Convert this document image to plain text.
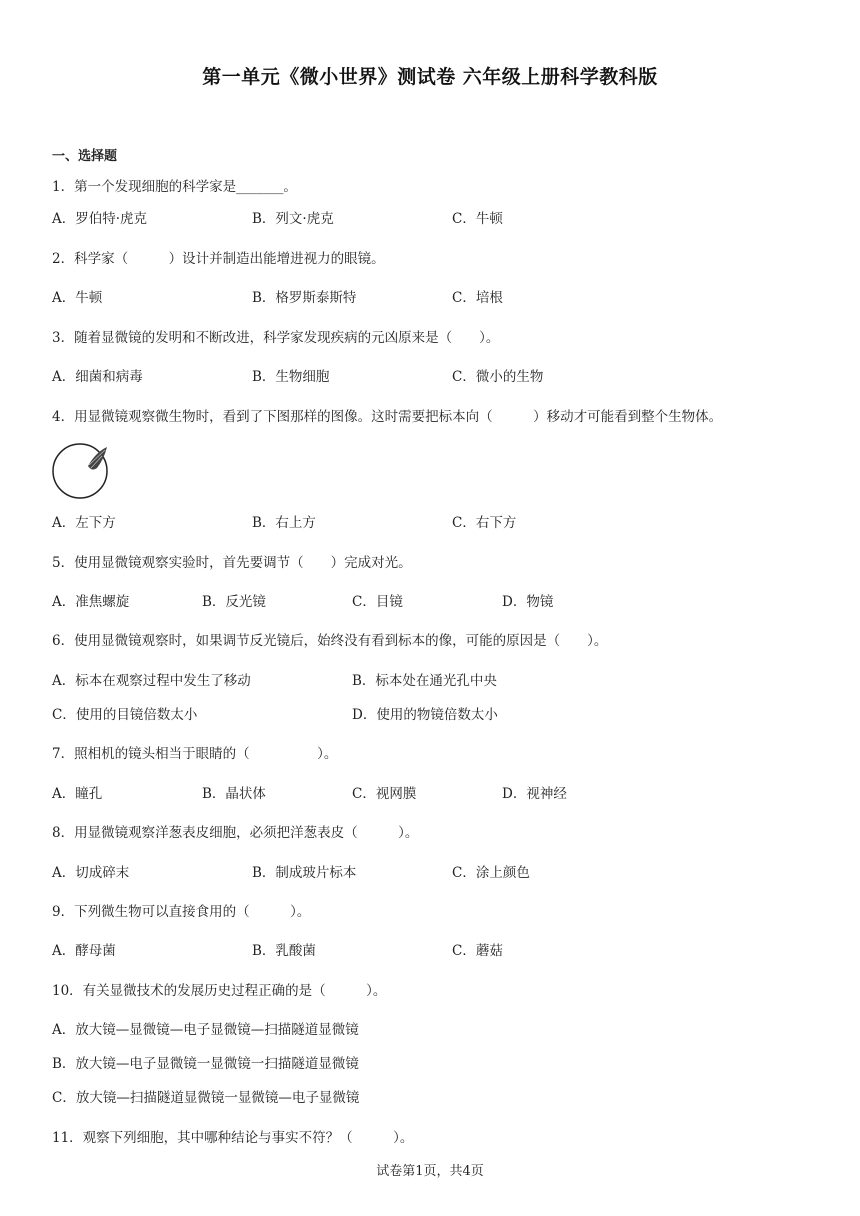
第一单元《微小世界》测试卷 六年级上册科学教科版
一、选择题
1．第一个发现细胞的科学家是_______。
A．罗伯特·虎克	B．列文·虎克	C．牛顿
2．科学家（　　　）设计并制造出能增进视力的眼镜。
A．牛顿	B．格罗斯泰斯特	C．培根
3．随着显微镜的发明和不断改进，科学家发现疾病的元凶原来是（　　）。
A．细菌和病毒	B．生物细胞	C．微小的生物
4．用显微镜观察微生物时，看到了下图那样的图像。这时需要把标本向（　　　）移动才可能看到整个生物体。
A．左下方	B．右上方	C．右下方
5．使用显微镜观察实验时，首先要调节（　　）完成对光。
A．准焦螺旋	B．反光镜	C．目镜	D．物镜
6．使用显微镜观察时，如果调节反光镜后，始终没有看到标本的像，可能的原因是（　　）。
A．标本在观察过程中发生了移动	B．标本处在通光孔中央
C．使用的目镜倍数太小	D．使用的物镜倍数太小
7．照相机的镜头相当于眼睛的（　　　　　）。
A．瞳孔	B．晶状体	C．视网膜	D．视神经
8．用显微镜观察洋葱表皮细胞，必须把洋葱表皮（　　　）。
A．切成碎末	B．制成玻片标本	C．涂上颜色
9．下列微生物可以直接食用的（　　　）。
A．酵母菌	B．乳酸菌	C．蘑菇
10．有关显微技术的发展历史过程正确的是（　　　）。
A．放大镜—显微镜—电子显微镜—扫描隧道显微镜
B．放大镜—电子显微镜一显微镜一扫描隧道显微镜
C．放大镜—扫描隧道显微镜一显微镜—电子显微镜
11．观察下列细胞，其中哪种结论与事实不符？（　　　）。
试卷第1页，共4页
